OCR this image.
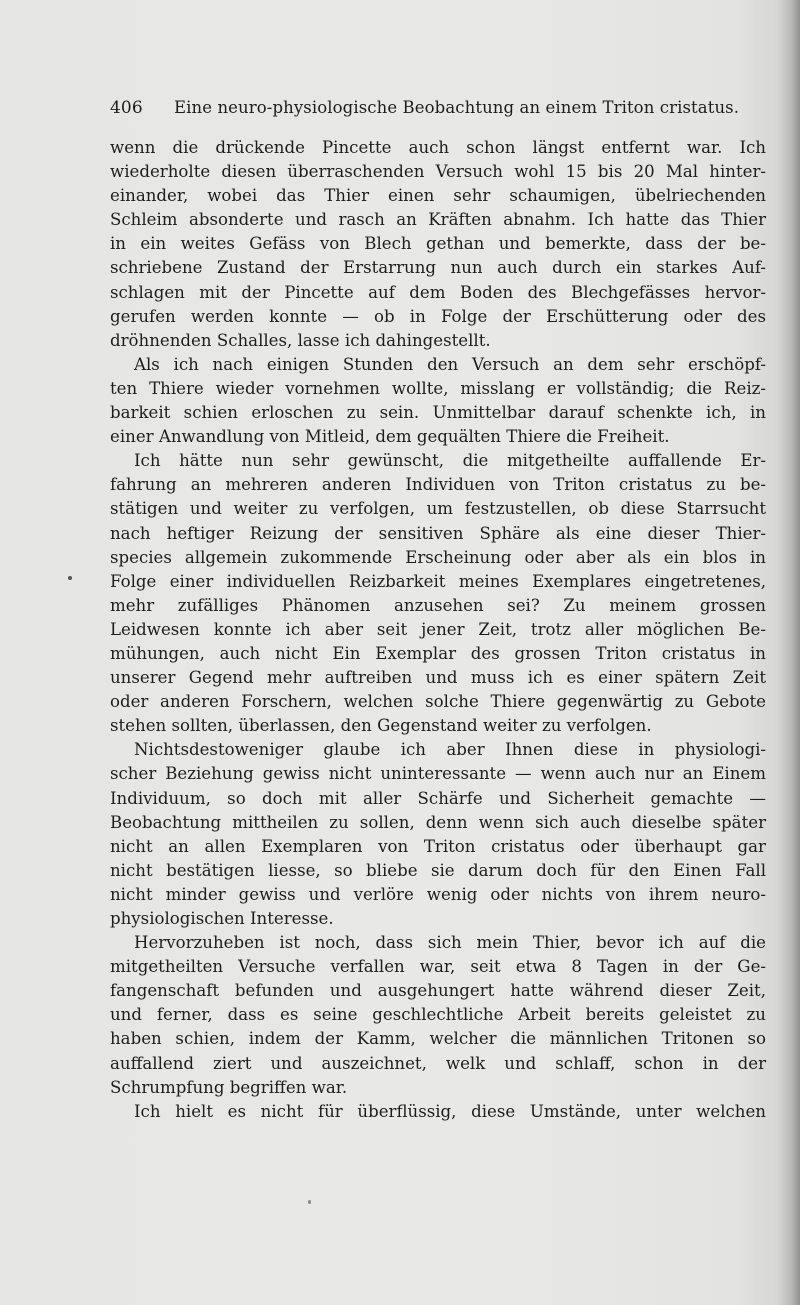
406 Eine neuro-physiologische Beobachtung an einem Triton cristatus.
wenn die drückende Pincette auch schon längst entfernt war. Ich
wiederholte diesen überraschenden Versuch wohl 15 bis 20 Mal hinter-
einander, wobei das Thier einen sehr schaumigen, übelriechenden
Schleim absonderte und rasch an Kräften abnahm. Ich hatte das Thier
in ein weites Gefäss von Blech gethan und bemerkte, dass der be-
schriebene Zustand der Erstarrung nun auch durch ein starkes Auf-
schlagen mit der Pincette auf dem Boden des Blechgefässes hervor-
gerufen werden konnte — ob in Folge der Erschütterung oder des
dröhnenden Schalles, lasse ich dahingestellt.
Als ich nach einigen Stunden den Versuch an dem sehr erschöpf-
ten Thiere wieder vornehmen wollte, misslang er vollständig; die Reiz-
barkeit schien erloschen zu sein. Unmittelbar darauf schenkte ich, in
einer Anwandlung von Mitleid, dem gequälten Thiere die Freiheit.
Ich hätte nun sehr gewünscht, die mitgetheilte auffallende Er-
fahrung an mehreren anderen Individuen von Triton cristatus zu be-
stätigen und weiter zu verfolgen, um festzustellen, ob diese Starrsucht
nach heftiger Reizung der sensitiven Sphäre als eine dieser Thier-
species allgemein zukommende Erscheinung oder aber als ein blos in
Folge einer individuellen Reizbarkeit meines Exemplares eingetretenes,
mehr zufälliges Phänomen anzusehen sei? Zu meinem grossen
Leidwesen konnte ich aber seit jener Zeit, trotz aller möglichen Be-
mühungen, auch nicht Ein Exemplar des grossen Triton cristatus in
unserer Gegend mehr auftreiben und muss ich es einer spätern Zeit
oder anderen Forschern, welchen solche Thiere gegenwärtig zu Gebote
stehen sollten, überlassen, den Gegenstand weiter zu verfolgen.
Nichtsdestoweniger glaube ich aber Ihnen diese in physiologi-
scher Beziehung gewiss nicht uninteressante — wenn auch nur an Einem
Individuum, so doch mit aller Schärfe und Sicherheit gemachte —
Beobachtung mittheilen zu sollen, denn wenn sich auch dieselbe später
nicht an allen Exemplaren von Triton cristatus oder überhaupt gar
nicht bestätigen liesse, so bliebe sie darum doch für den Einen Fall
nicht minder gewiss und verlöre wenig oder nichts von ihrem neuro-
physiologischen Interesse.
Hervorzuheben ist noch, dass sich mein Thier, bevor ich auf die
mitgetheilten Versuche verfallen war, seit etwa 8 Tagen in der Ge-
fangenschaft befunden und ausgehungert hatte während dieser Zeit,
und ferner, dass es seine geschlechtliche Arbeit bereits geleistet zu
haben schien, indem der Kamm, welcher die männlichen Tritonen so
auffallend ziert und auszeichnet, welk und schlaff, schon in der
Schrumpfung begriffen war.
Ich hielt es nicht für überflüssig, diese Umstände, unter welchen
